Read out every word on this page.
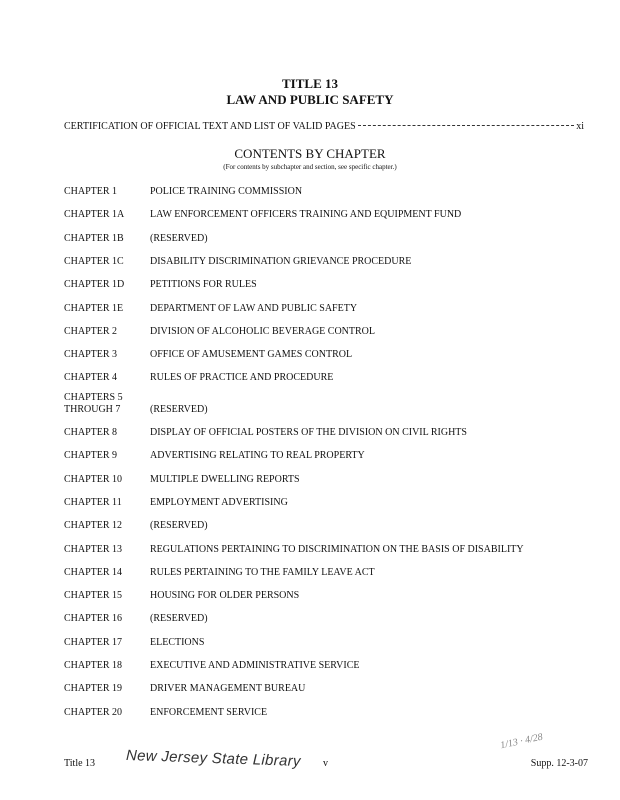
TITLE 13
LAW AND PUBLIC SAFETY
CERTIFICATION OF OFFICIAL TEXT AND LIST OF VALID PAGES	xi
CONTENTS BY CHAPTER
(For contents by subchapter and section, see specific chapter.)
CHAPTER 1	POLICE TRAINING COMMISSION
CHAPTER 1A	LAW ENFORCEMENT OFFICERS TRAINING AND EQUIPMENT FUND
CHAPTER 1B	(RESERVED)
CHAPTER 1C	DISABILITY DISCRIMINATION GRIEVANCE PROCEDURE
CHAPTER 1D	PETITIONS FOR RULES
CHAPTER 1E	DEPARTMENT OF LAW AND PUBLIC SAFETY
CHAPTER 2	DIVISION OF ALCOHOLIC BEVERAGE CONTROL
CHAPTER 3	OFFICE OF AMUSEMENT GAMES CONTROL
CHAPTER 4	RULES OF PRACTICE AND PROCEDURE
CHAPTERS 5
THROUGH 7	(RESERVED)
CHAPTER 8	DISPLAY OF OFFICIAL POSTERS OF THE DIVISION ON CIVIL RIGHTS
CHAPTER 9	ADVERTISING RELATING TO REAL PROPERTY
CHAPTER 10	MULTIPLE DWELLING REPORTS
CHAPTER 11	EMPLOYMENT ADVERTISING
CHAPTER 12	(RESERVED)
CHAPTER 13	REGULATIONS PERTAINING TO DISCRIMINATION ON THE BASIS OF DISABILITY
CHAPTER 14	RULES PERTAINING TO THE FAMILY LEAVE ACT
CHAPTER 15	HOUSING FOR OLDER PERSONS
CHAPTER 16	(RESERVED)
CHAPTER 17	ELECTIONS
CHAPTER 18	EXECUTIVE AND ADMINISTRATIVE SERVICE
CHAPTER 19	DRIVER MANAGEMENT BUREAU
CHAPTER 20	ENFORCEMENT SERVICE
Title 13 New Jersey State Library v
1/13 · 4/28
Supp. 12-3-07
